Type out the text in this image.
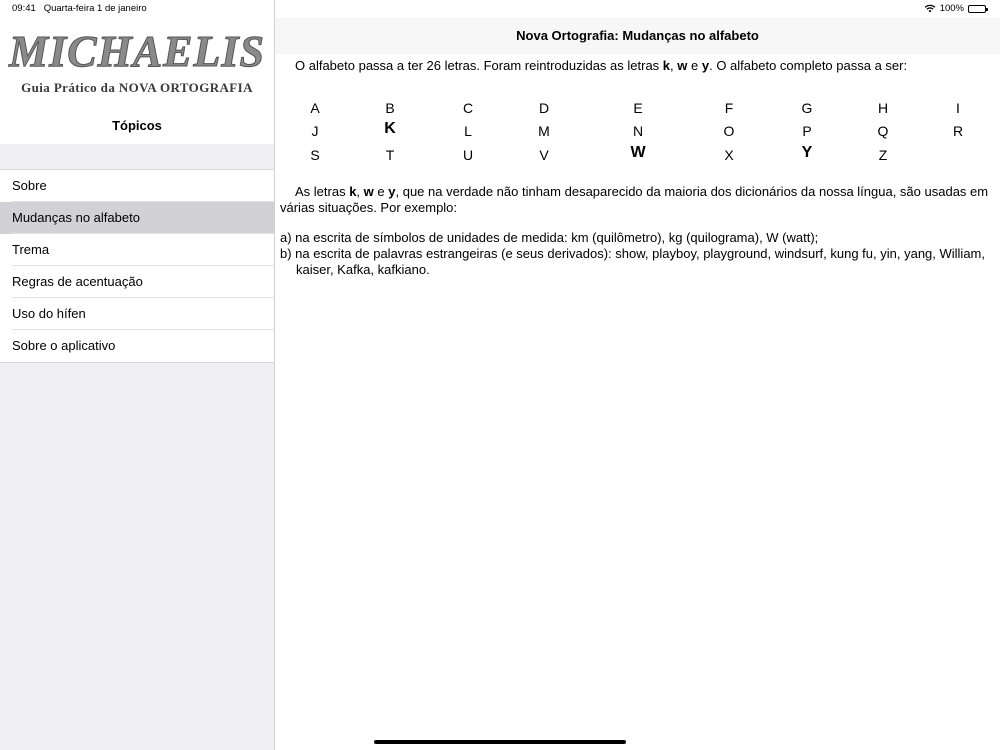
09:41 Quarta-feira 1 de janeiro	100%
MICHAELIS
Guia Prático da NOVA ORTOGRAFIA
Tópicos
Sobre
Mudanças no alfabeto
Trema
Regras de acentuação
Uso do hífen
Sobre o aplicativo
Nova Ortografia: Mudanças no alfabeto

O alfabeto passa a ter 26 letras. Foram reintroduzidas as letras k, w e y. O alfabeto completo passa a ser:

A	B	C	D	E	F	G	H	I
J	K	L	M	N	O	P	Q	R
S	T	U	V	W	X	Y	Z

As letras k, w e y, que na verdade não tinham desaparecido da maioria dos dicionários da nossa língua, são usadas em várias situações. Por exemplo:

a) na escrita de símbolos de unidades de medida: km (quilômetro), kg (quilograma), W (watt);
b) na escrita de palavras estrangeiras (e seus derivados): show, playboy, playground, windsurf, kung fu, yin, yang, William, kaiser, Kafka, kafkiano.
